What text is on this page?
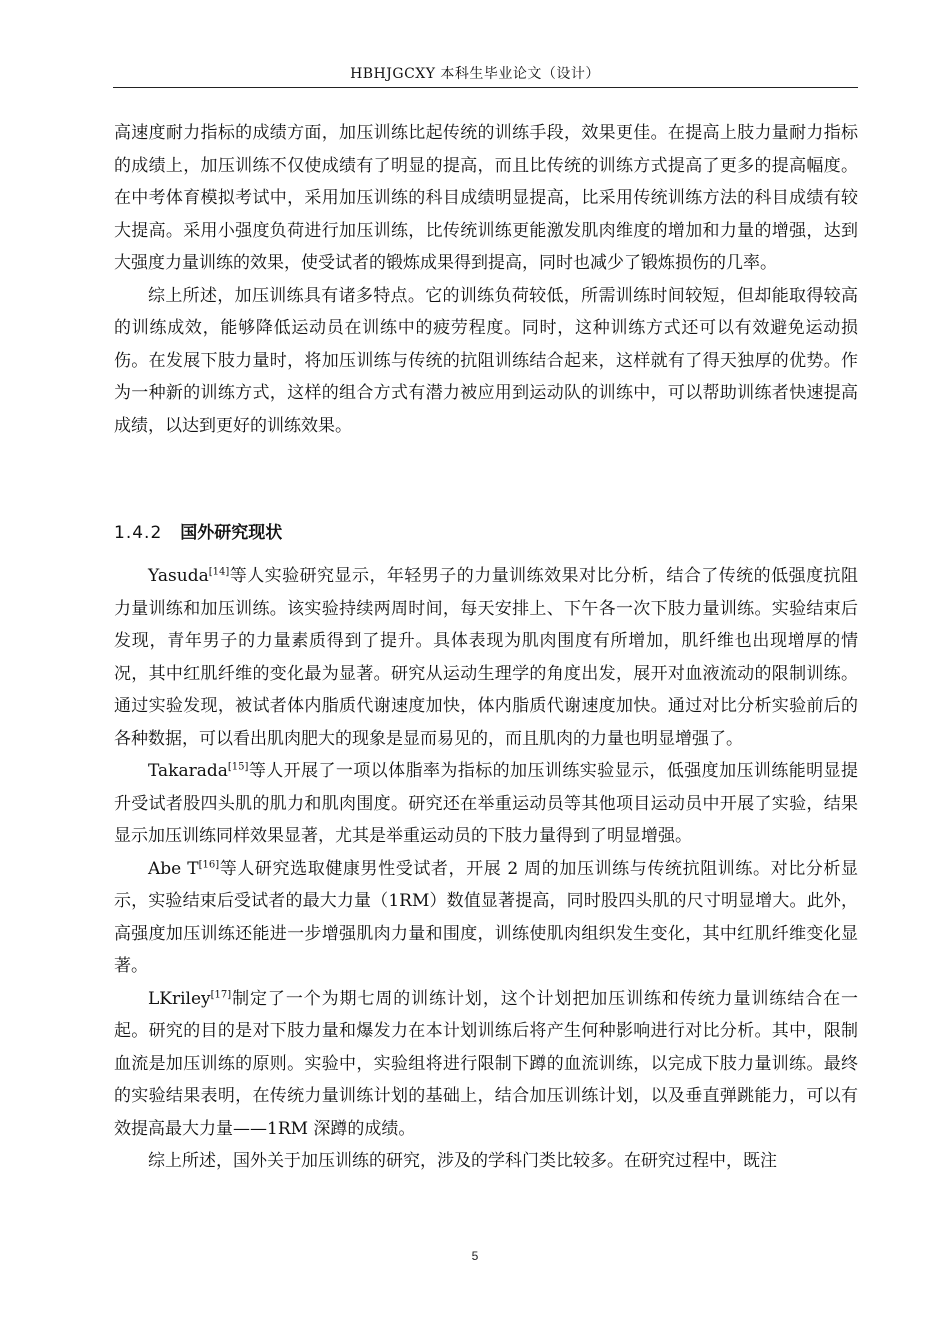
HBHJGCXY 本科生毕业论文（设计）

高速度耐力指标的成绩方面，加压训练比起传统的训练手段，效果更佳。在提高上肢力量耐力指标的成绩上，加压训练不仅使成绩有了明显的提高，而且比传统的训练方式提高了更多的提高幅度。在中考体育模拟考试中，采用加压训练的科目成绩明显提高，比采用传统训练方法的科目成绩有较大提高。采用小强度负荷进行加压训练，比传统训练更能激发肌肉维度的增加和力量的增强，达到大强度力量训练的效果，使受试者的锻炼成果得到提高，同时也减少了锻炼损伤的几率。

综上所述，加压训练具有诸多特点。它的训练负荷较低，所需训练时间较短，但却能取得较高的训练成效，能够降低运动员在训练中的疲劳程度。同时，这种训练方式还可以有效避免运动损伤。在发展下肢力量时，将加压训练与传统的抗阻训练结合起来，这样就有了得天独厚的优势。作为一种新的训练方式，这样的组合方式有潜力被应用到运动队的训练中，可以帮助训练者快速提高成绩，以达到更好的训练效果。

1.4.2 国外研究现状

Yasuda[14]等人实验研究显示，年轻男子的力量训练效果对比分析，结合了传统的低强度抗阻力量训练和加压训练。该实验持续两周时间，每天安排上、下午各一次下肢力量训练。实验结束后发现，青年男子的力量素质得到了提升。具体表现为肌肉围度有所增加，肌纤维也出现增厚的情况，其中红肌纤维的变化最为显著。研究从运动生理学的角度出发，展开对血液流动的限制训练。通过实验发现，被试者体内脂质代谢速度加快，体内脂质代谢速度加快。通过对比分析实验前后的各种数据，可以看出肌肉肥大的现象是显而易见的，而且肌肉的力量也明显增强了。

Takarada[15]等人开展了一项以体脂率为指标的加压训练实验显示，低强度加压训练能明显提升受试者股四头肌的肌力和肌肉围度。研究还在举重运动员等其他项目运动员中开展了实验，结果显示加压训练同样效果显著，尤其是举重运动员的下肢力量得到了明显增强。

Abe T[16]等人研究选取健康男性受试者，开展 2 周的加压训练与传统抗阻训练。对比分析显示，实验结束后受试者的最大力量（1RM）数值显著提高，同时股四头肌的尺寸明显增大。此外，高强度加压训练还能进一步增强肌肉力量和围度，训练使肌肉组织发生变化，其中红肌纤维变化显著。

LKriley[17]制定了一个为期七周的训练计划，这个计划把加压训练和传统力量训练结合在一起。研究的目的是对下肢力量和爆发力在本计划训练后将产生何种影响进行对比分析。其中，限制血流是加压训练的原则。实验中，实验组将进行限制下蹲的血流训练，以完成下肢力量训练。最终的实验结果表明，在传统力量训练计划的基础上，结合加压训练计划，以及垂直弹跳能力，可以有效提高最大力量——1RM 深蹲的成绩。

综上所述，国外关于加压训练的研究，涉及的学科门类比较多。在研究过程中，既注

5
